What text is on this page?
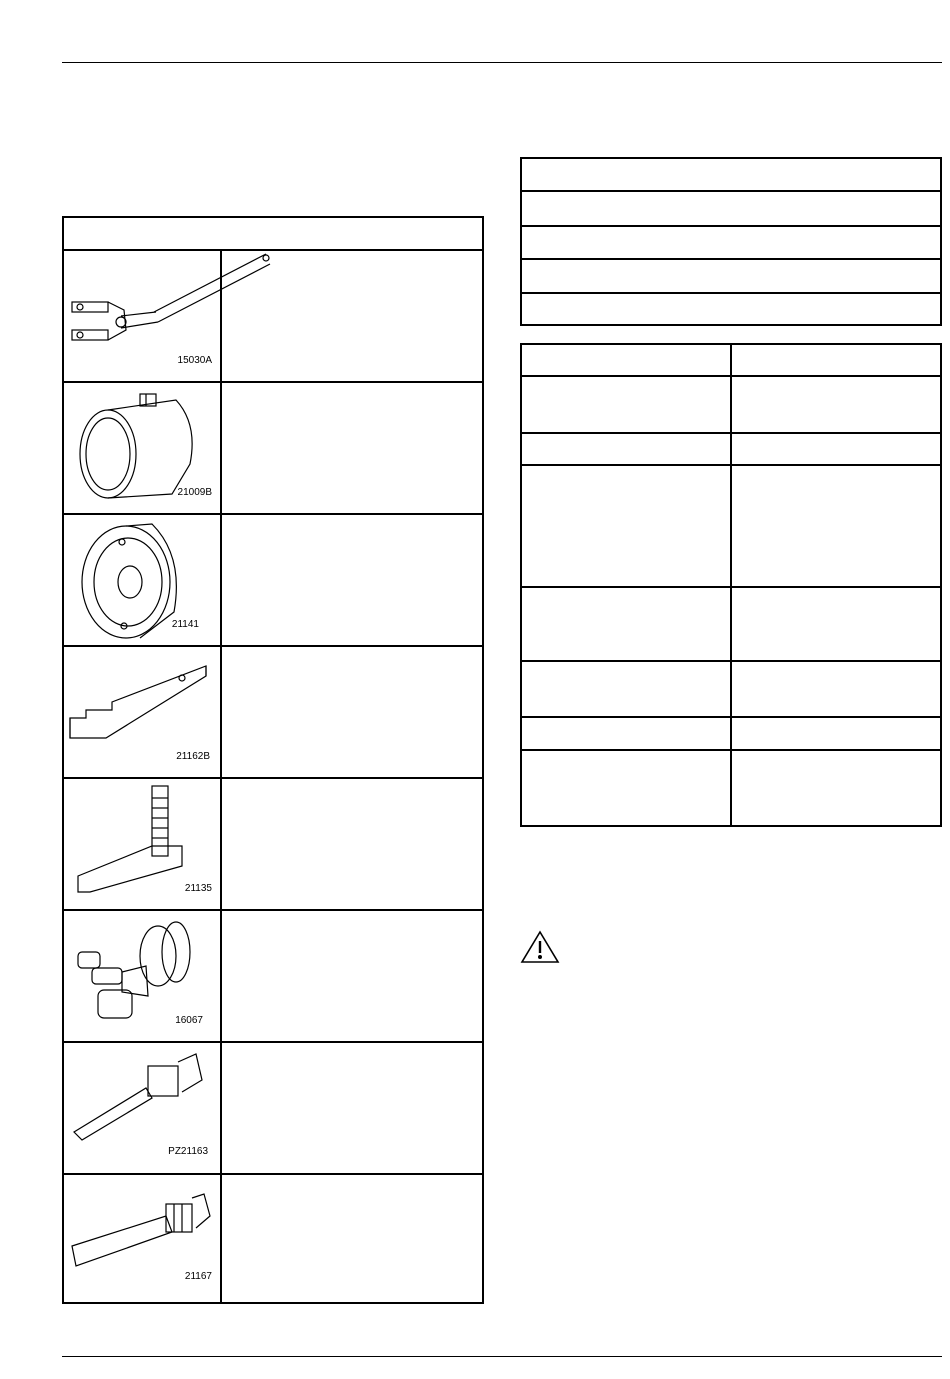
15030A
21009B
21141
21162B
21135
16067
PZ21163
21167
